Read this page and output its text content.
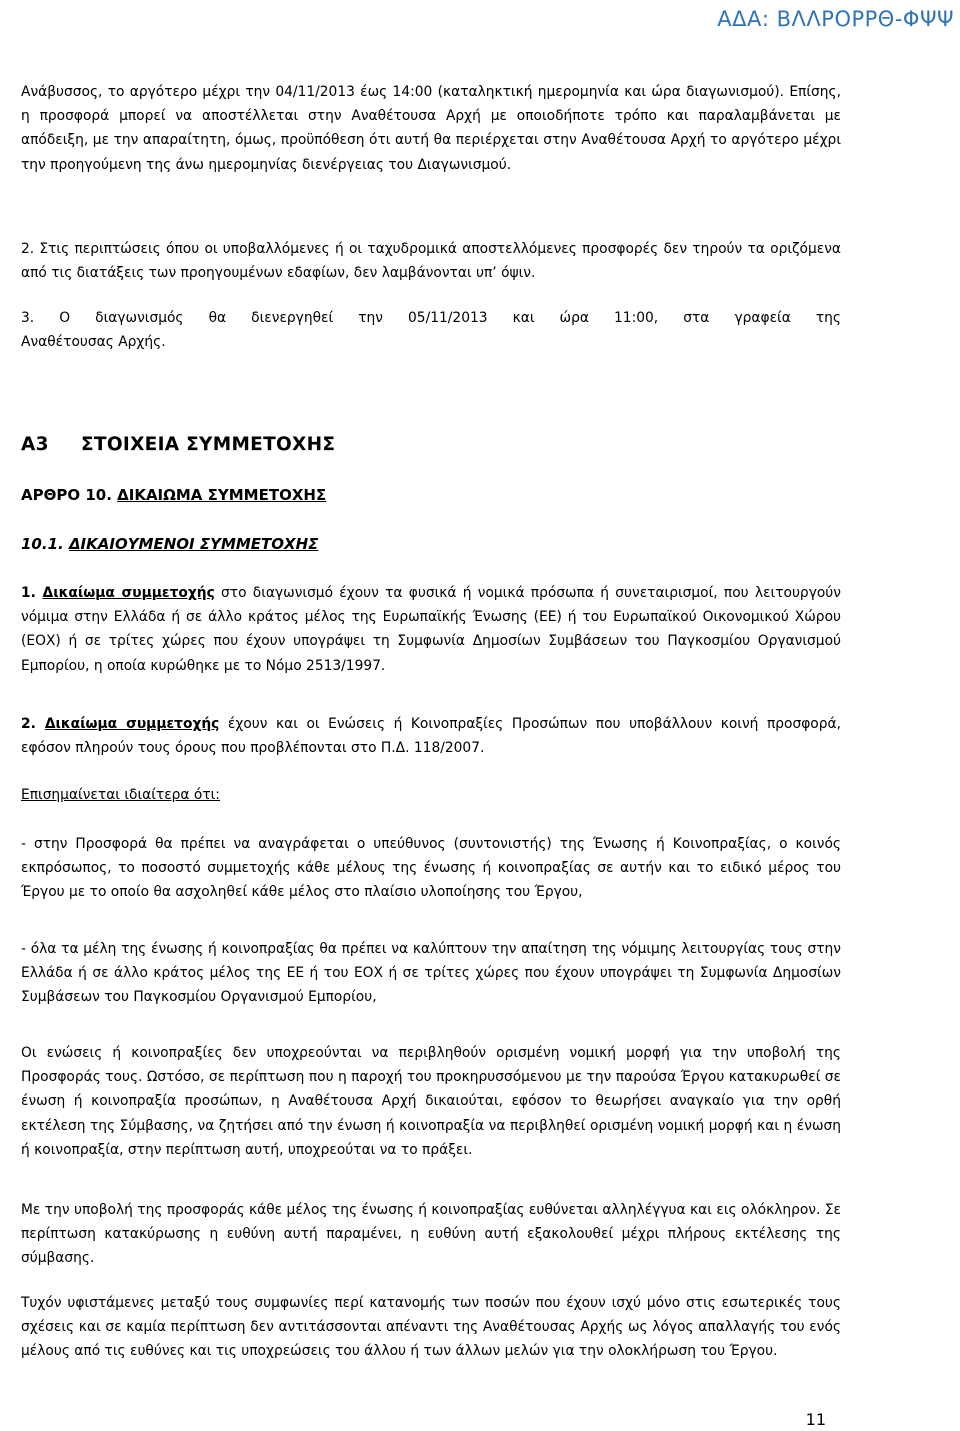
ΑΔΑ: ΒΛΛΡΟΡΡΘ-ΦΨΨ

Ανάβυσσος, το αργότερο μέχρι την 04/11/2013 έως 14:00 (καταληκτική ημερομηνία και ώρα διαγωνισμού). Επίσης, η προσφορά μπορεί να αποστέλλεται στην Αναθέτουσα Αρχή με οποιοδήποτε τρόπο και παραλαμβάνεται με απόδειξη, με την απαραίτητη, όμως, προϋπόθεση ότι αυτή θα περιέρχεται στην Αναθέτουσα Αρχή το αργότερο μέχρι την προηγούμενη της άνω ημερομηνίας διενέργειας του Διαγωνισμού.

2. Στις περιπτώσεις όπου οι υποβαλλόμενες ή οι ταχυδρομικά αποστελλόμενες προσφορές δεν τηρούν τα οριζόμενα από τις διατάξεις των προηγουμένων εδαφίων, δεν λαμβάνονται υπ’ όψιν.

3. Ο διαγωνισμός θα διενεργηθεί την 05/11/2013 και ώρα 11:00, στα γραφεία της
Αναθέτουσας Αρχής.

Α3 ΣΤΟΙΧΕΙΑ ΣΥΜΜΕΤΟΧΗΣ
ΑΡΘΡΟ 10. ΔΙΚΑΙΩΜΑ ΣΥΜΜΕΤΟΧΗΣ
10.1. ΔΙΚΑΙΟΥΜΕΝΟΙ ΣΥΜΜΕΤΟΧΗΣ

1. Δικαίωμα συμμετοχής στο διαγωνισμό έχουν τα φυσικά ή νομικά πρόσωπα ή συνεταιρισμοί, που λειτουργούν νόμιμα στην Ελλάδα ή σε άλλο κράτος μέλος της Ευρωπαϊκής Ένωσης (ΕΕ) ή του Ευρωπαϊκού Οικονομικού Χώρου (ΕΟΧ) ή σε τρίτες χώρες που έχουν υπογράψει τη Συμφωνία Δημοσίων Συμβάσεων του Παγκοσμίου Οργανισμού Εμπορίου, η οποία κυρώθηκε με το Νόμο 2513/1997.

2. Δικαίωμα συμμετοχής έχουν και οι Ενώσεις ή Κοινοπραξίες Προσώπων που υποβάλλουν κοινή προσφορά, εφόσον πληρούν τους όρους που προβλέπονται στο Π.Δ. 118/2007.

Επισημαίνεται ιδιαίτερα ότι:

- στην Προσφορά θα πρέπει να αναγράφεται ο υπεύθυνος (συντονιστής) της Ένωσης ή Κοινοπραξίας, ο κοινός εκπρόσωπος, το ποσοστό συμμετοχής κάθε μέλους της ένωσης ή κοινοπραξίας σε αυτήν και το ειδικό μέρος του Έργου με το οποίο θα ασχοληθεί κάθε μέλος στο πλαίσιο υλοποίησης του Έργου,

- όλα τα μέλη της ένωσης ή κοινοπραξίας θα πρέπει να καλύπτουν την απαίτηση της νόμιμης λειτουργίας τους στην Ελλάδα ή σε άλλο κράτος μέλος της ΕΕ ή του ΕΟΧ ή σε τρίτες χώρες που έχουν υπογράψει τη Συμφωνία Δημοσίων Συμβάσεων του Παγκοσμίου Οργανισμού Εμπορίου,

Οι ενώσεις ή κοινοπραξίες δεν υποχρεούνται να περιβληθούν ορισμένη νομική μορφή για την υποβολή της Προσφοράς τους. Ωστόσο, σε περίπτωση που η παροχή του προκηρυσσόμενου με την παρούσα Έργου κατακυρωθεί σε ένωση ή κοινοπραξία προσώπων, η Αναθέτουσα Αρχή δικαιούται, εφόσον το θεωρήσει αναγκαίο για την ορθή εκτέλεση της Σύμβασης, να ζητήσει από την ένωση ή κοινοπραξία να περιβληθεί ορισμένη νομική μορφή και η ένωση ή κοινοπραξία, στην περίπτωση αυτή, υποχρεούται να το πράξει.

Με την υποβολή της προσφοράς κάθε μέλος της ένωσης ή κοινοπραξίας ευθύνεται αλληλέγγυα και εις ολόκληρον. Σε περίπτωση κατακύρωσης η ευθύνη αυτή παραμένει, η ευθύνη αυτή εξακολουθεί μέχρι πλήρους εκτέλεσης της σύμβασης.

Τυχόν υφιστάμενες μεταξύ τους συμφωνίες περί κατανομής των ποσών που έχουν ισχύ μόνο στις εσωτερικές τους σχέσεις και σε καμία περίπτωση δεν αντιτάσσονται απέναντι της Αναθέτουσας Αρχής ως λόγος απαλλαγής του ενός μέλους από τις ευθύνες και τις υποχρεώσεις του άλλου ή των άλλων μελών για την ολοκλήρωση του Έργου.

11
